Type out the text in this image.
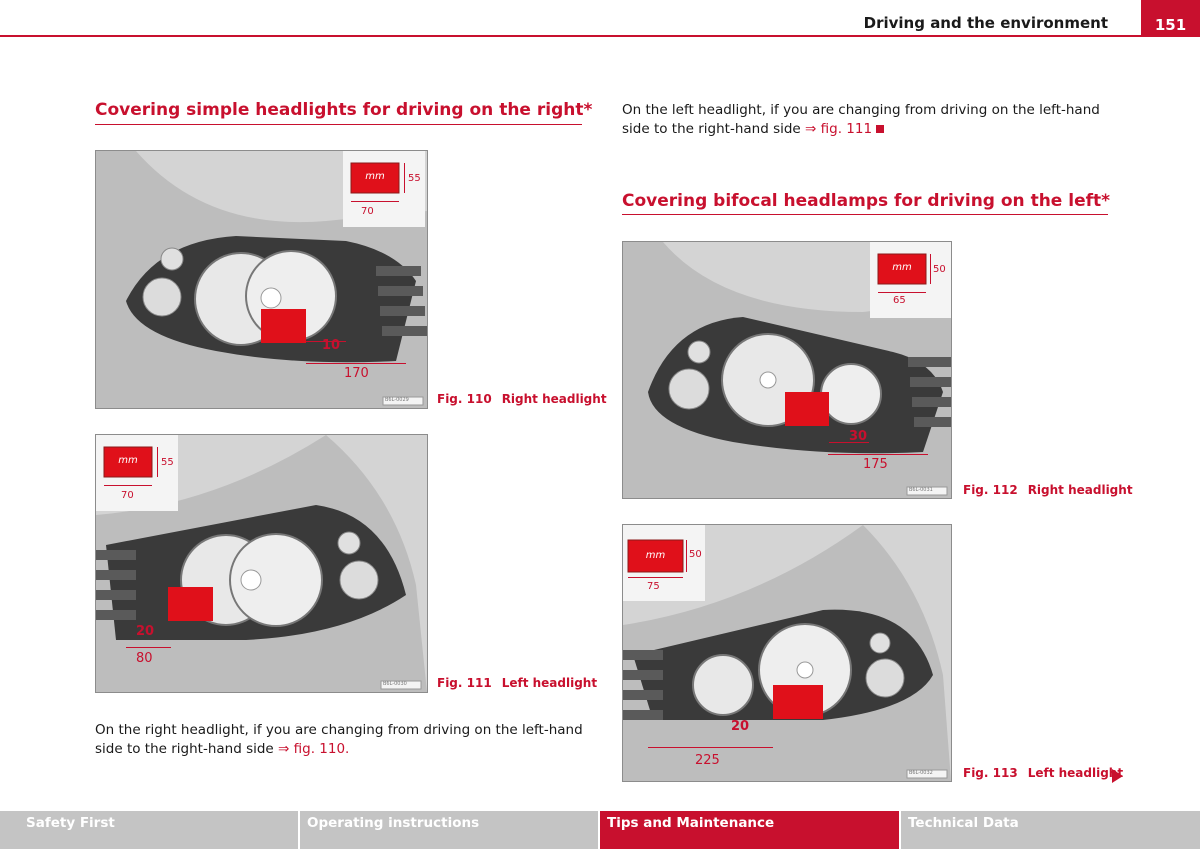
Driving and the environment	151
Covering simple headlights for driving on the right*
mm	55
70
10
170
B6L-0029 Fig. 110 Right headlight
mm	55
70
20
80
B6L-0030	Fig. 111 Left headlight

On the right headlight, if you are changing from driving on the left-hand side to the right-hand side ⇒ fig. 110.

On the left headlight, if you are changing from driving on the left-hand side to the right-hand side ⇒ fig. 111

Covering bifocal headlamps for driving on the left*
mm	50
65
30
175
B6L-0031	Fig. 112 Right headlight
mm	50
75
20
225
B6L-0032	Fig. 113 Left headlight
Safety First	Operating instructions	Tips and Maintenance	Technical Data
